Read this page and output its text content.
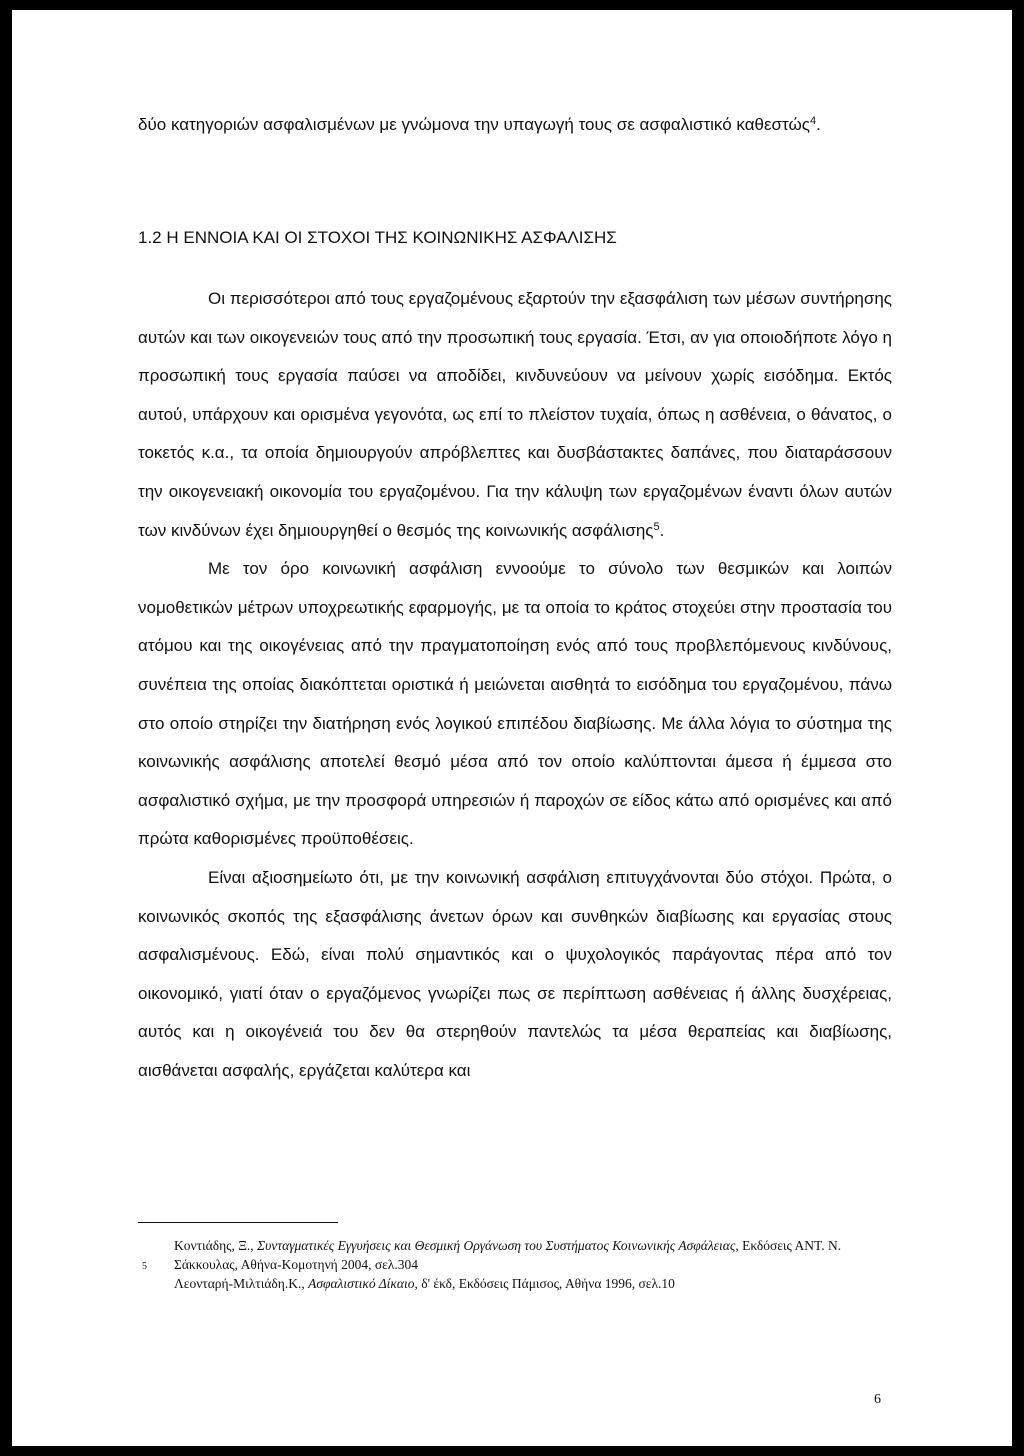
δύο κατηγοριών ασφαλισμένων με γνώμονα την υπαγωγή τους σε ασφαλιστικό καθεστώς$^4$.

1.2 Η ΕΝΝΟΙΑ ΚΑΙ ΟΙ ΣΤΟΧΟΙ ΤΗΣ ΚΟΙΝΩΝΙΚΗΣ ΑΣΦΑΛΙΣΗΣ

Οι περισσότεροι από τους εργαζομένους εξαρτούν την εξασφάλιση των μέσων συντήρησης αυτών και των οικογενειών τους από την προσωπική τους εργασία. Έτσι, αν για οποιοδήποτε λόγο η προσωπική τους εργασία παύσει να αποδίδει, κινδυνεύουν να μείνουν χωρίς εισόδημα. Εκτός αυτού, υπάρχουν και ορισμένα γεγονότα, ως επί το πλείστον τυχαία, όπως η ασθένεια, ο θάνατος, ο τοκετός κ.α., τα οποία δημιουργούν απρόβλεπτες και δυσβάστακτες δαπάνες, που διαταράσσουν την οικογενειακή οικονομία του εργαζομένου. Για την κάλυψη των εργαζομένων έναντι όλων αυτών των κινδύνων έχει δημιουργηθεί ο θεσμός της κοινωνικής ασφάλισης$^5$.

Με τον όρο κοινωνική ασφάλιση εννοούμε το σύνολο των θεσμικών και λοιπών νομοθετικών μέτρων υποχρεωτικής εφαρμογής, με τα οποία το κράτος στοχεύει στην προστασία του ατόμου και της οικογένειας από την πραγματοποίηση ενός από τους προβλεπόμενους κινδύνους, συνέπεια της οποίας διακόπτεται οριστικά ή μειώνεται αισθητά το εισόδημα του εργαζομένου, πάνω στο οποίο στηρίζει την διατήρηση ενός λογικού επιπέδου διαβίωσης. Με άλλα λόγια το σύστημα της κοινωνικής ασφάλισης αποτελεί θεσμό μέσα από τον οποίο καλύπτονται άμεσα ή έμμεσα στο ασφαλιστικό σχήμα, με την προσφορά υπηρεσιών ή παροχών σε είδος κάτω από ορισμένες και από πρώτα καθορισμένες προϋποθέσεις.

Είναι αξιοσημείωτο ότι, με την κοινωνική ασφάλιση επιτυγχάνονται δύο στόχοι. Πρώτα, ο κοινωνικός σκοπός της εξασφάλισης άνετων όρων και συνθηκών διαβίωσης και εργασίας στους ασφαλισμένους. Εδώ, είναι πολύ σημαντικός και ο ψυχολογικός παράγοντας πέρα από τον οικονομικό, γιατί όταν ο εργαζόμενος γνωρίζει πως σε περίπτωση ασθένειας ή άλλης δυσχέρειας, αυτός και η οικογένειά του δεν θα στερηθούν παντελώς τα μέσα θεραπείας και διαβίωσης, αισθάνεται ασφαλής, εργάζεται καλύτερα και

5
Κοντιάδης, Ξ., Συνταγματικές Εγγυήσεις και Θεσμική Οργάνωση του Συστήματος Κοινωνικής Ασφάλειας, Εκδόσεις ΑΝΤ. Ν. Σάκκουλας, Αθήνα-Κομοτηνή 2004, σελ.304
Λεονταρή-Μιλτιάδη.Κ., Ασφαλιστικό Δίκαιο, δ' έκδ, Εκδόσεις Πάμισος, Αθήνα 1996, σελ.10
6
